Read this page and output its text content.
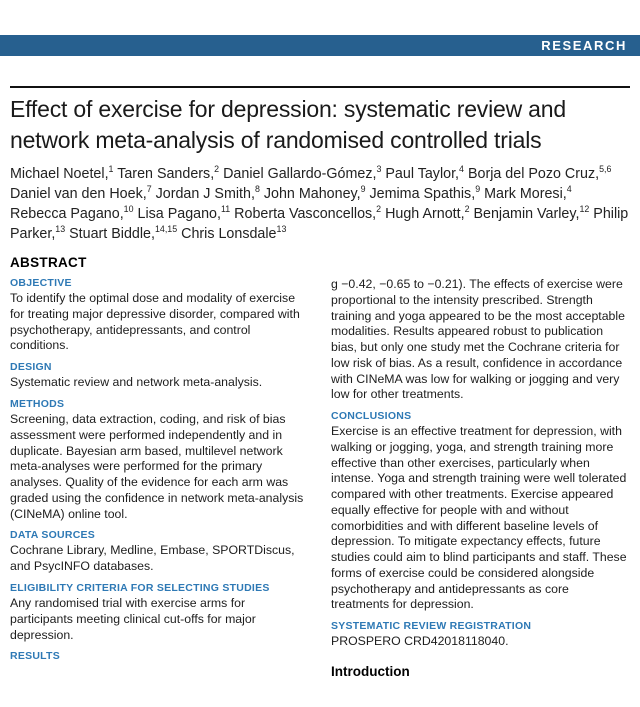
RESEARCH
Effect of exercise for depression: systematic review and network meta-analysis of randomised controlled trials

Michael Noetel,$^1$ Taren Sanders,$^2$ Daniel Gallardo-Gómez,$^3$ Paul Taylor,$^4$ Borja del Pozo Cruz,$^{5,6}$ Daniel van den Hoek,$^7$ Jordan J Smith,$^8$ John Mahoney,$^9$ Jemima Spathis,$^9$ Mark Moresi,$^4$ Rebecca Pagano,$^{10}$ Lisa Pagano,$^{11}$ Roberta Vasconcellos,$^2$ Hugh Arnott,$^2$ Benjamin Varley,$^{12}$ Philip Parker,$^{13}$ Stuart Biddle,$^{14,15}$ Chris Lonsdale$^{13}$

ABSTRACT
OBJECTIVE

To identify the optimal dose and modality of exercise for treating major depressive disorder, compared with psychotherapy, antidepressants, and control conditions.

DESIGN

Systematic review and network meta-analysis.

METHODS

Screening, data extraction, coding, and risk of bias assessment were performed independently and in duplicate. Bayesian arm based, multilevel network meta-analyses were performed for the primary analyses. Quality of the evidence for each arm was graded using the confidence in network meta-analysis (CINeMA) online tool.

DATA SOURCES

Cochrane Library, Medline, Embase, SPORTDiscus, and PsycINFO databases.

ELIGIBILITY CRITERIA FOR SELECTING STUDIES

Any randomised trial with exercise arms for participants meeting clinical cut-offs for major depression.

RESULTS

g −0.42, −0.65 to −0.21). The effects of exercise were proportional to the intensity prescribed. Strength training and yoga appeared to be the most acceptable modalities. Results appeared robust to publication bias, but only one study met the Cochrane criteria for low risk of bias. As a result, confidence in accordance with CINeMA was low for walking or jogging and very low for other treatments.

CONCLUSIONS

Exercise is an effective treatment for depression, with walking or jogging, yoga, and strength training more effective than other exercises, particularly when intense. Yoga and strength training were well tolerated compared with other treatments. Exercise appeared equally effective for people with and without comorbidities and with different baseline levels of depression. To mitigate expectancy effects, future studies could aim to blind participants and staff. These forms of exercise could be considered alongside psychotherapy and antidepressants as core treatments for depression.

SYSTEMATIC REVIEW REGISTRATION

PROSPERO CRD42018118040.

Introduction
